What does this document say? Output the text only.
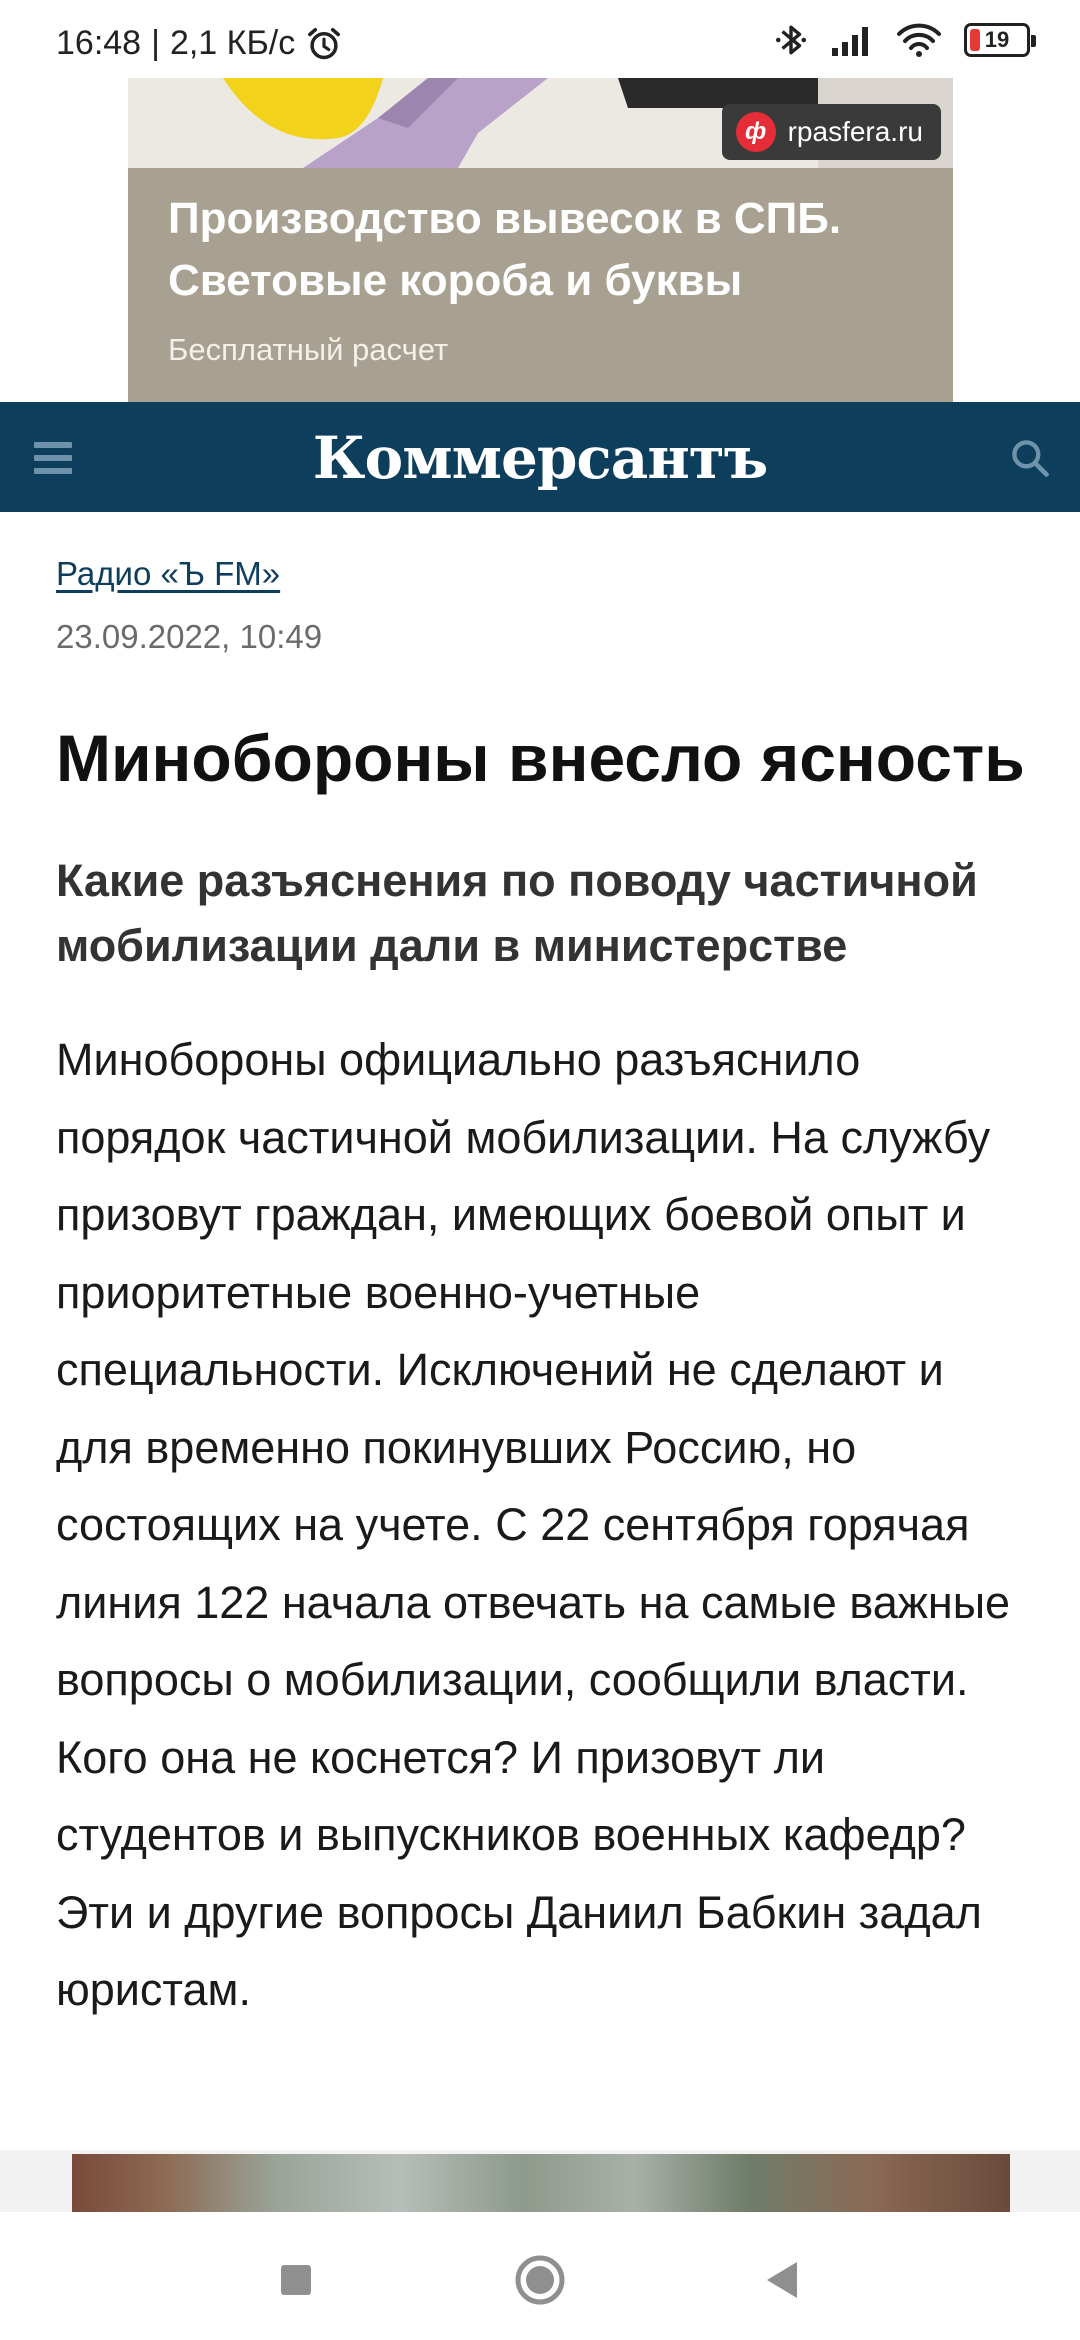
16:48 | 2,1 КБ/с	19
ф rpasfera.ru
Производство вывесок в СПБ. Световые короба и буквы
Бесплатный расчет
Коммерсантъ
Радио «Ъ FM»
23.09.2022, 10:49
Минобороны внесло ясность
Какие разъяснения по поводу частичной мобилизации дали в министерстве

Минобороны официально разъяснило порядок частичной мобилизации. На службу призовут граждан, имеющих боевой опыт и приоритетные военно-учетные специальности. Исключений не сделают и для временно покинувших Россию, но состоящих на учете. С 22 сентября горячая линия 122 начала отвечать на самые важные вопросы о мобилизации, сообщили власти. Кого она не коснется? И призовут ли студентов и выпускников военных кафедр? Эти и другие вопросы Даниил Бабкин задал юристам.
